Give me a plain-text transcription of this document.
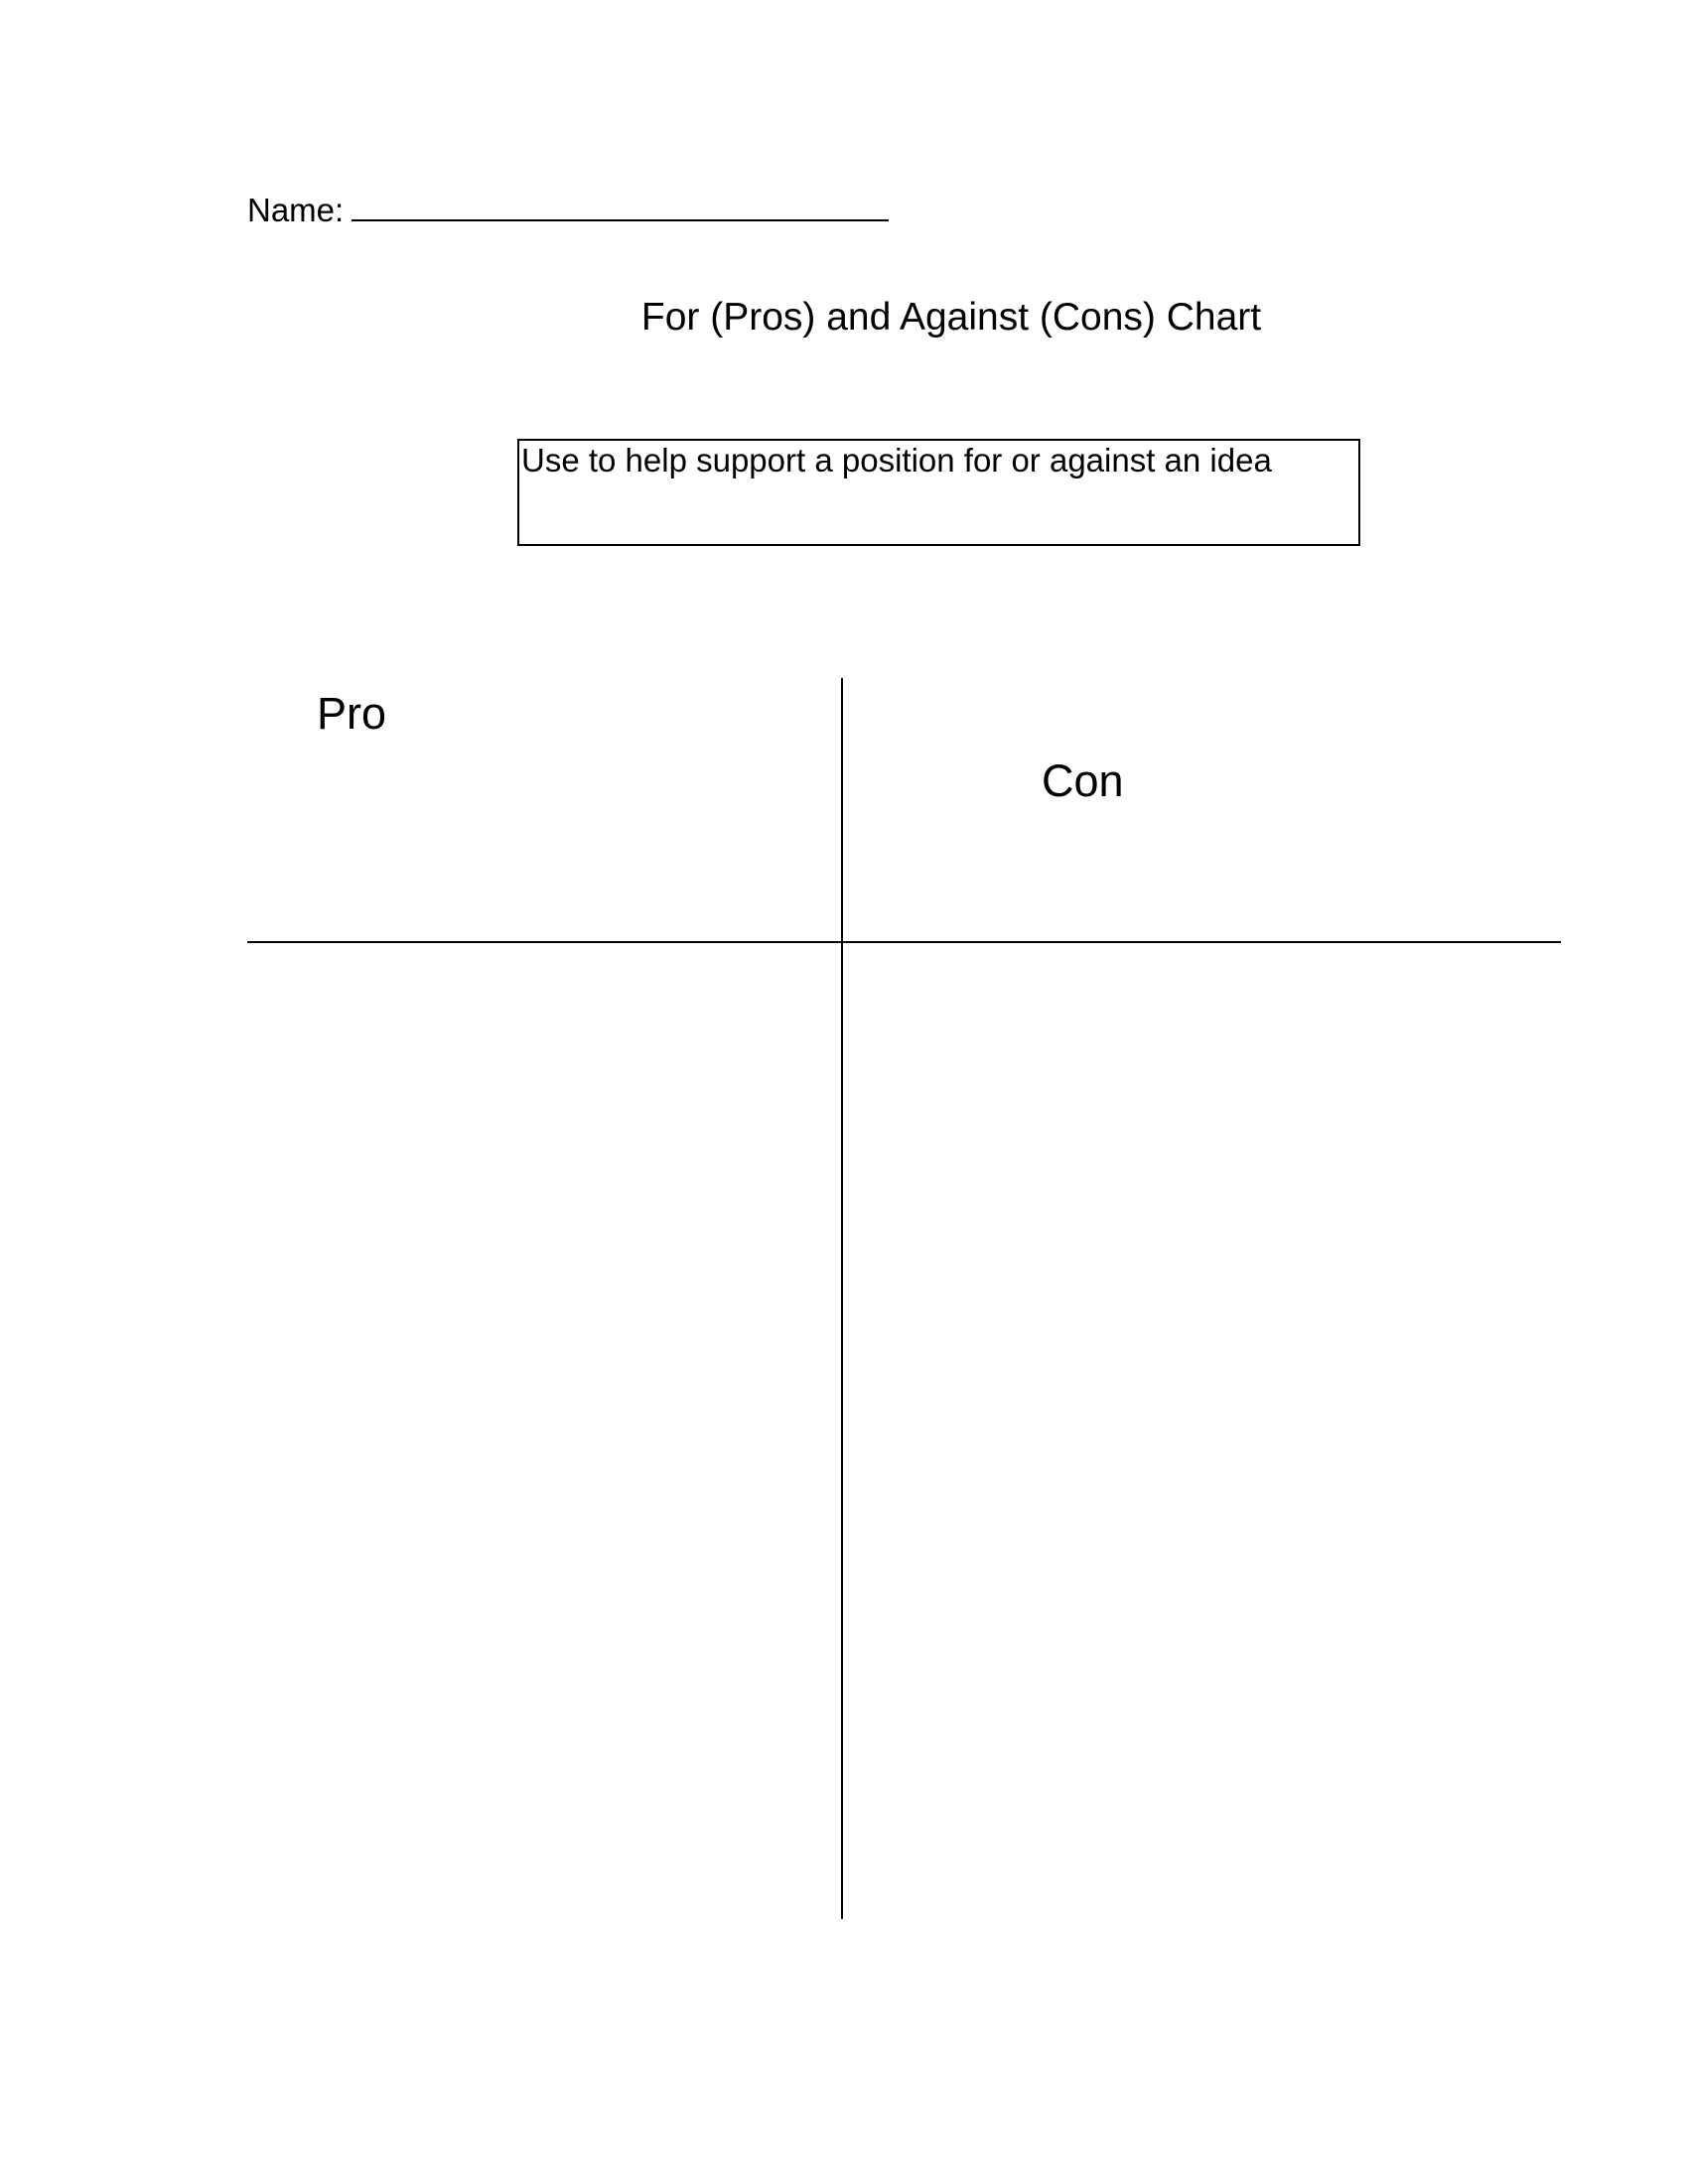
Name:
For (Pros) and Against (Cons) Chart
Use to help support a position for or against an idea
Pro
Con
